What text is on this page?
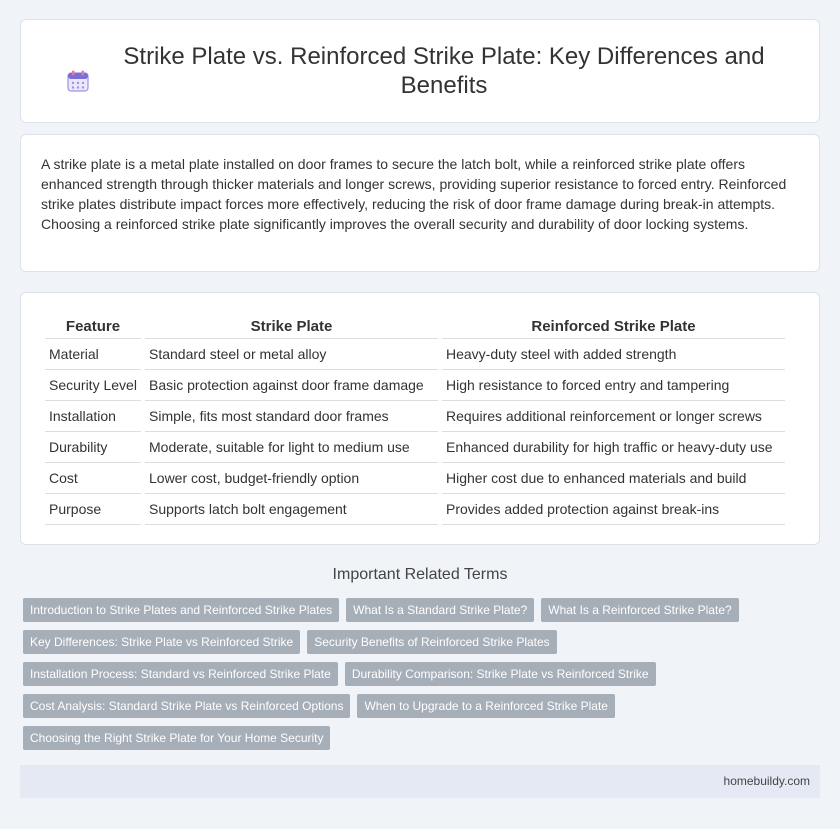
Strike Plate vs. Reinforced Strike Plate: Key Differences and Benefits

A strike plate is a metal plate installed on door frames to secure the latch bolt, while a reinforced strike plate offers enhanced strength through thicker materials and longer screws, providing superior resistance to forced entry. Reinforced strike plates distribute impact forces more effectively, reducing the risk of door frame damage during break-in attempts. Choosing a reinforced strike plate significantly improves the overall security and durability of door locking systems.

Feature	Strike Plate	Reinforced Strike Plate
Material	Standard steel or metal alloy	Heavy-duty steel with added strength
Security Level	Basic protection against door frame damage	High resistance to forced entry and tampering
Installation	Simple, fits most standard door frames	Requires additional reinforcement or longer screws
Durability	Moderate, suitable for light to medium use	Enhanced durability for high traffic or heavy-duty use
Cost	Lower cost, budget-friendly option	Higher cost due to enhanced materials and build
Purpose	Supports latch bolt engagement	Provides added protection against break-ins
Important Related Terms
Introduction to Strike Plates and Reinforced Strike Plates	What Is a Standard Strike Plate?	What Is a Reinforced Strike Plate?
Key Differences: Strike Plate vs Reinforced Strike	Security Benefits of Reinforced Strike Plates
Installation Process: Standard vs Reinforced Strike Plate	Durability Comparison: Strike Plate vs Reinforced Strike
Cost Analysis: Standard Strike Plate vs Reinforced Options	When to Upgrade to a Reinforced Strike Plate
Choosing the Right Strike Plate for Your Home Security
homebuildy.com
